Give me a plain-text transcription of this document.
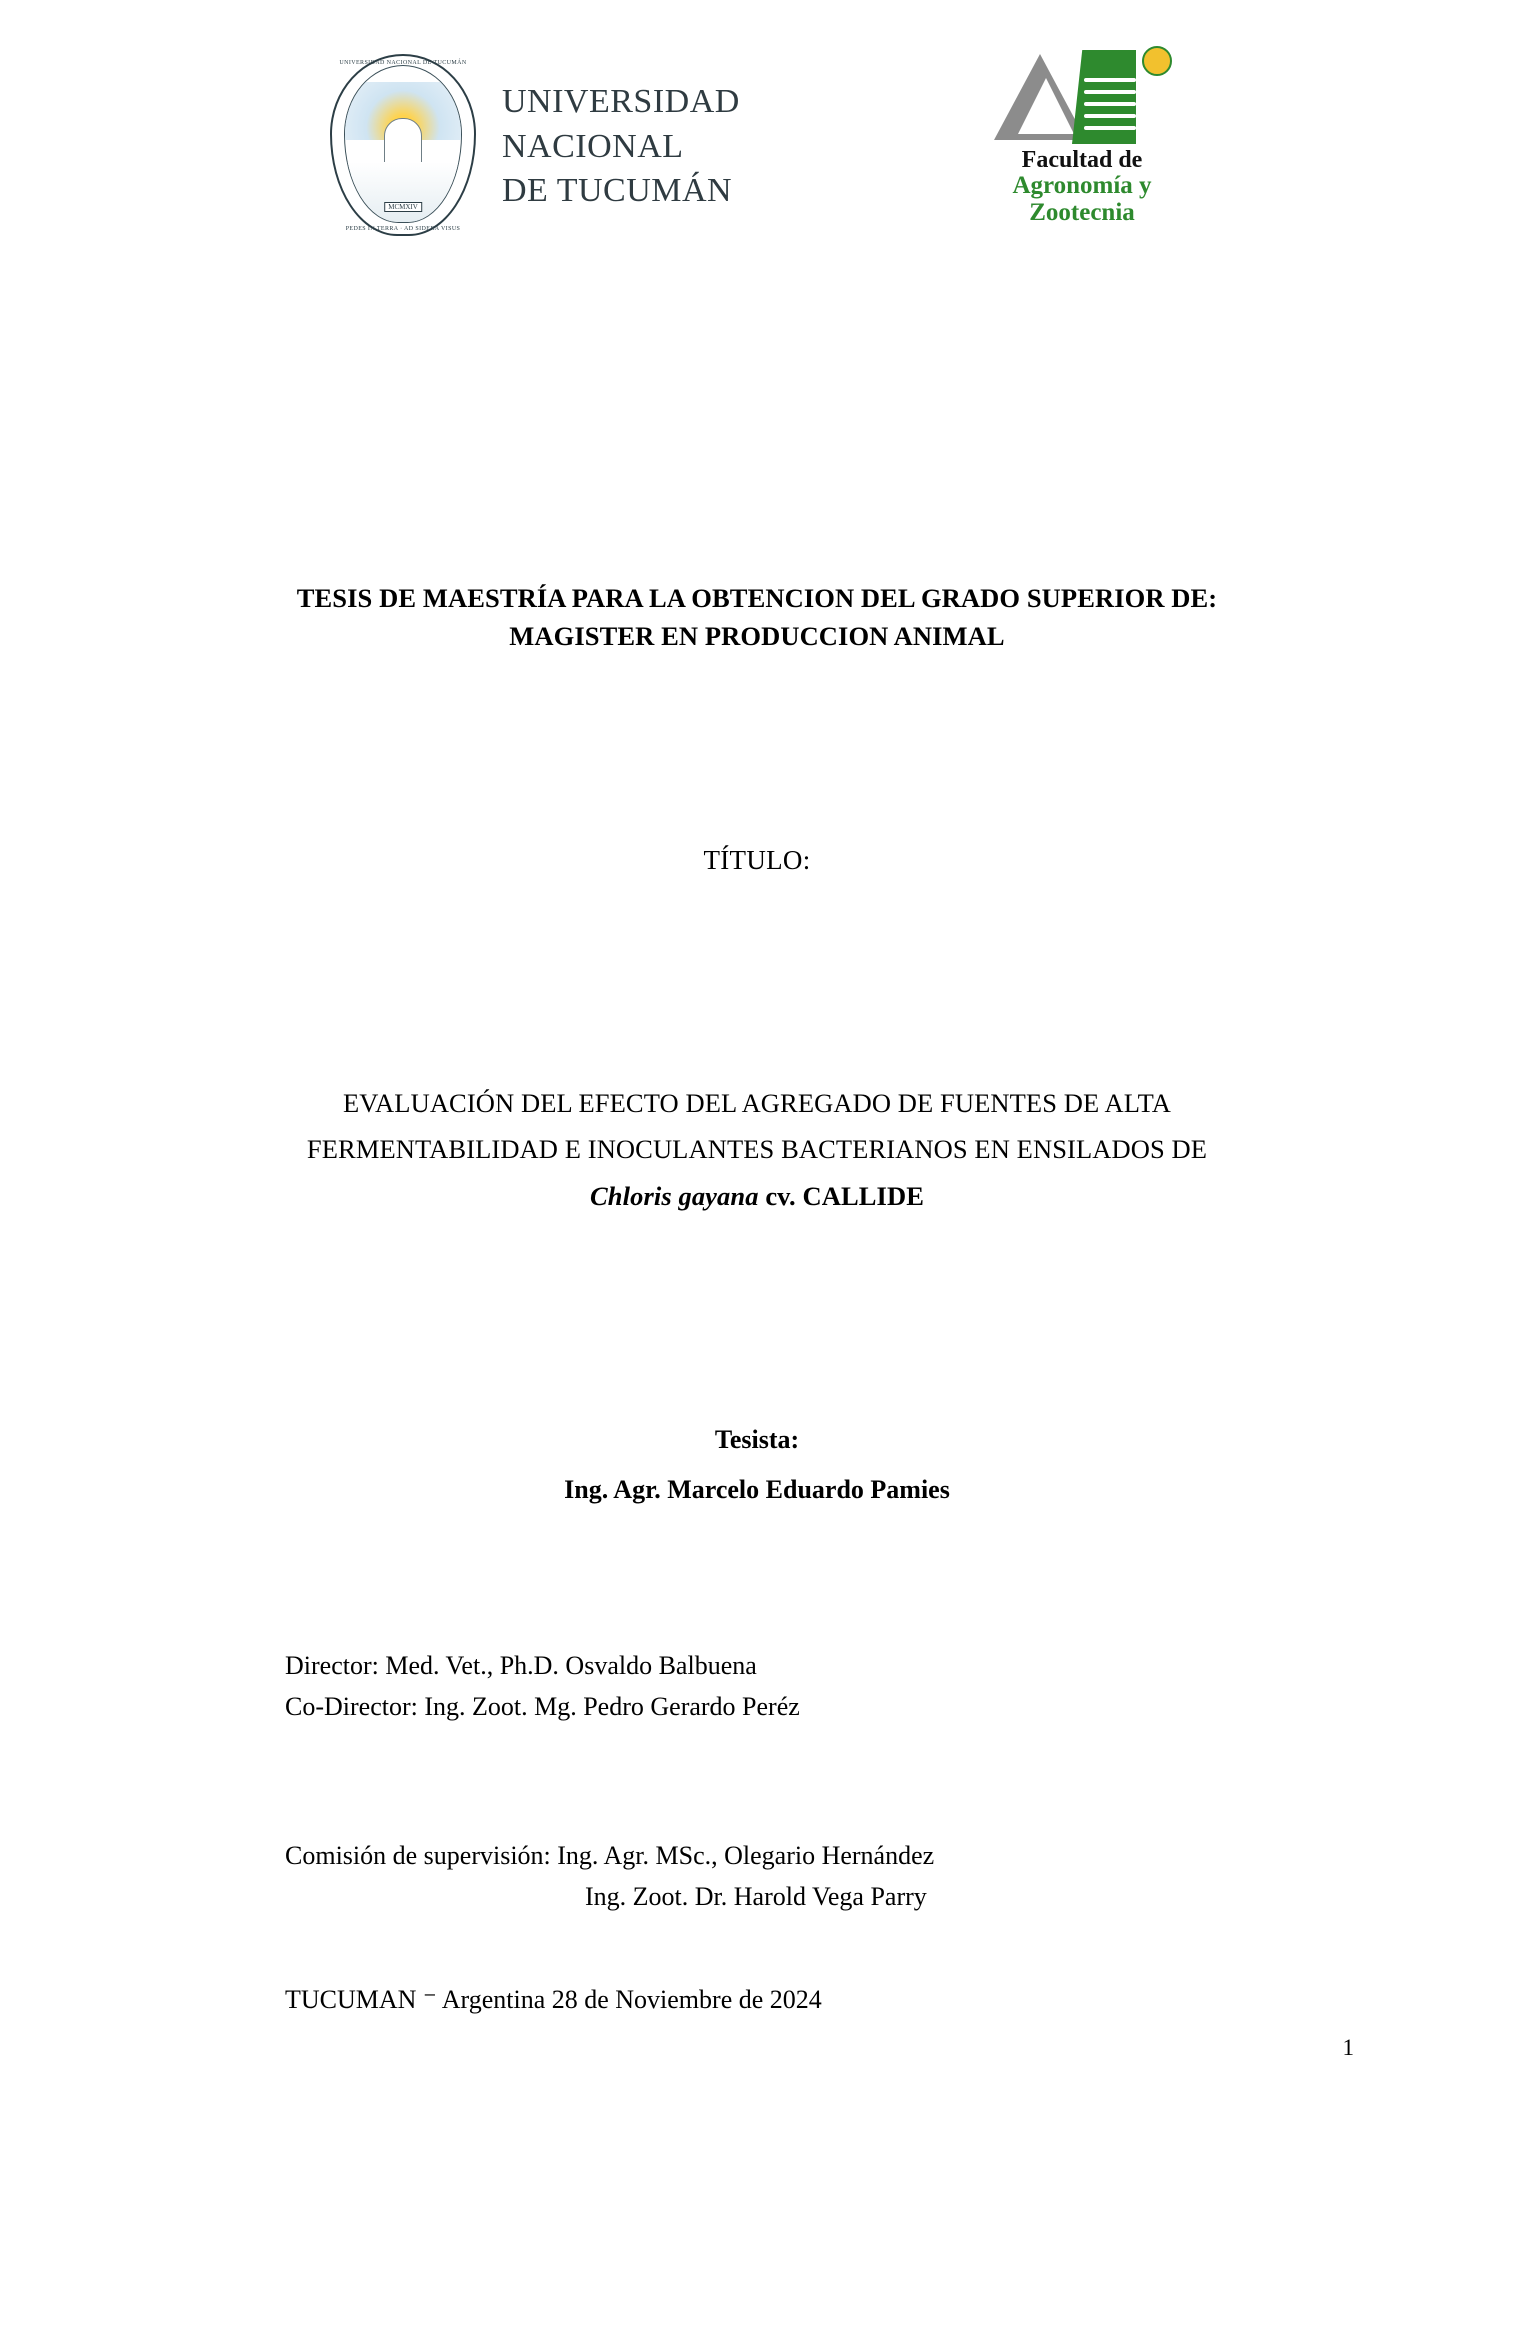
UNIVERSIDAD NACIONAL DE TUCUMÁN
MCMXIV
PEDES IN TERRA · AD SIDERA VISUS
UNIVERSIDAD
NACIONAL
DE TUCUMÁN
Facultad de
Agronomía y
Zootecnia
TESIS DE MAESTRÍA PARA LA OBTENCION DEL GRADO SUPERIOR DE:
MAGISTER EN PRODUCCION ANIMAL
TÍTULO:
EVALUACIÓN DEL EFECTO DEL AGREGADO DE FUENTES DE ALTA
FERMENTABILIDAD E INOCULANTES BACTERIANOS EN ENSILADOS DE
Chloris gayana cv. CALLIDE
Tesista:
Ing. Agr. Marcelo Eduardo Pamies
Director: Med. Vet., Ph.D. Osvaldo Balbuena
Co-Director: Ing. Zoot. Mg. Pedro Gerardo Peréz
Comisión de supervisión: Ing. Agr. MSc., Olegario Hernández
Ing. Zoot. Dr. Harold Vega Parry
TUCUMAN ⁻ Argentina 28 de Noviembre de 2024
1
